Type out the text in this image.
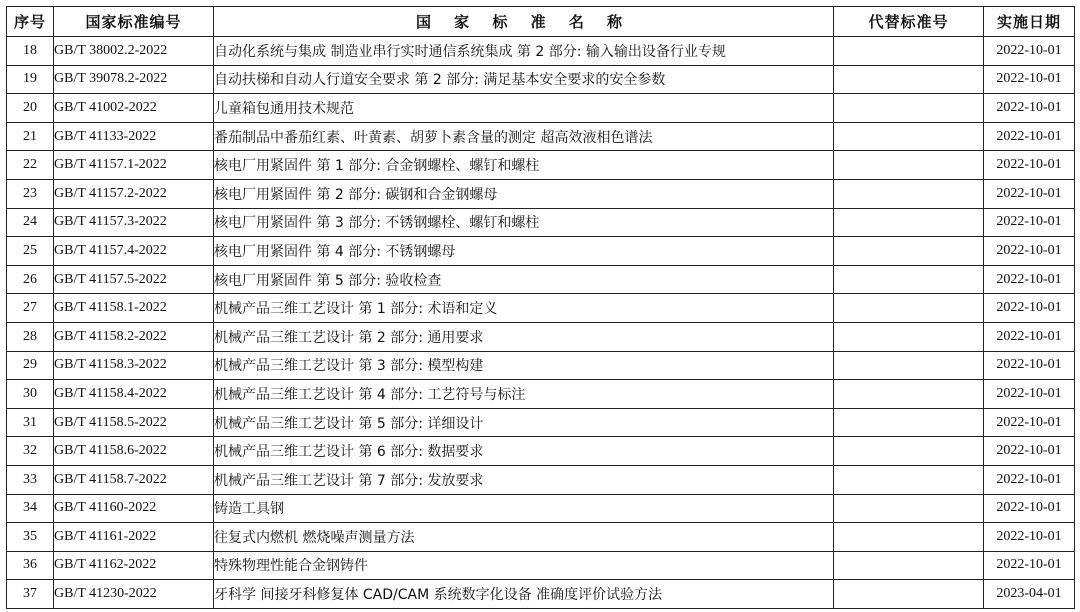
序号	国家标准编号	国 家 标 准 名 称	代替标准号	实施日期
18	GB/T 38002.2-2022	自动化系统与集成 制造业串行实时通信系统集成 第 2 部分: 输入输出设备行业专规		2022-10-01
19	GB/T 39078.2-2022	自动扶梯和自动人行道安全要求 第 2 部分: 满足基本安全要求的安全参数		2022-10-01
20	GB/T 41002-2022	儿童箱包通用技术规范		2022-10-01
21	GB/T 41133-2022	番茄制品中番茄红素、叶黄素、胡萝卜素含量的测定 超高效液相色谱法		2022-10-01
22	GB/T 41157.1-2022	核电厂用紧固件 第 1 部分: 合金钢螺栓、螺钉和螺柱		2022-10-01
23	GB/T 41157.2-2022	核电厂用紧固件 第 2 部分: 碳钢和合金钢螺母		2022-10-01
24	GB/T 41157.3-2022	核电厂用紧固件 第 3 部分: 不锈钢螺栓、螺钉和螺柱		2022-10-01
25	GB/T 41157.4-2022	核电厂用紧固件 第 4 部分: 不锈钢螺母		2022-10-01
26	GB/T 41157.5-2022	核电厂用紧固件 第 5 部分: 验收检查		2022-10-01
27	GB/T 41158.1-2022	机械产品三维工艺设计 第 1 部分: 术语和定义		2022-10-01
28	GB/T 41158.2-2022	机械产品三维工艺设计 第 2 部分: 通用要求		2022-10-01
29	GB/T 41158.3-2022	机械产品三维工艺设计 第 3 部分: 模型构建		2022-10-01
30	GB/T 41158.4-2022	机械产品三维工艺设计 第 4 部分: 工艺符号与标注		2022-10-01
31	GB/T 41158.5-2022	机械产品三维工艺设计 第 5 部分: 详细设计		2022-10-01
32	GB/T 41158.6-2022	机械产品三维工艺设计 第 6 部分: 数据要求		2022-10-01
33	GB/T 41158.7-2022	机械产品三维工艺设计 第 7 部分: 发放要求		2022-10-01
34	GB/T 41160-2022	铸造工具钢		2022-10-01
35	GB/T 41161-2022	往复式内燃机 燃烧噪声测量方法		2022-10-01
36	GB/T 41162-2022	特殊物理性能合金钢铸件		2022-10-01
37	GB/T 41230-2022	牙科学 间接牙科修复体 CAD/CAM 系统数字化设备 准确度评价试验方法		2023-04-01
